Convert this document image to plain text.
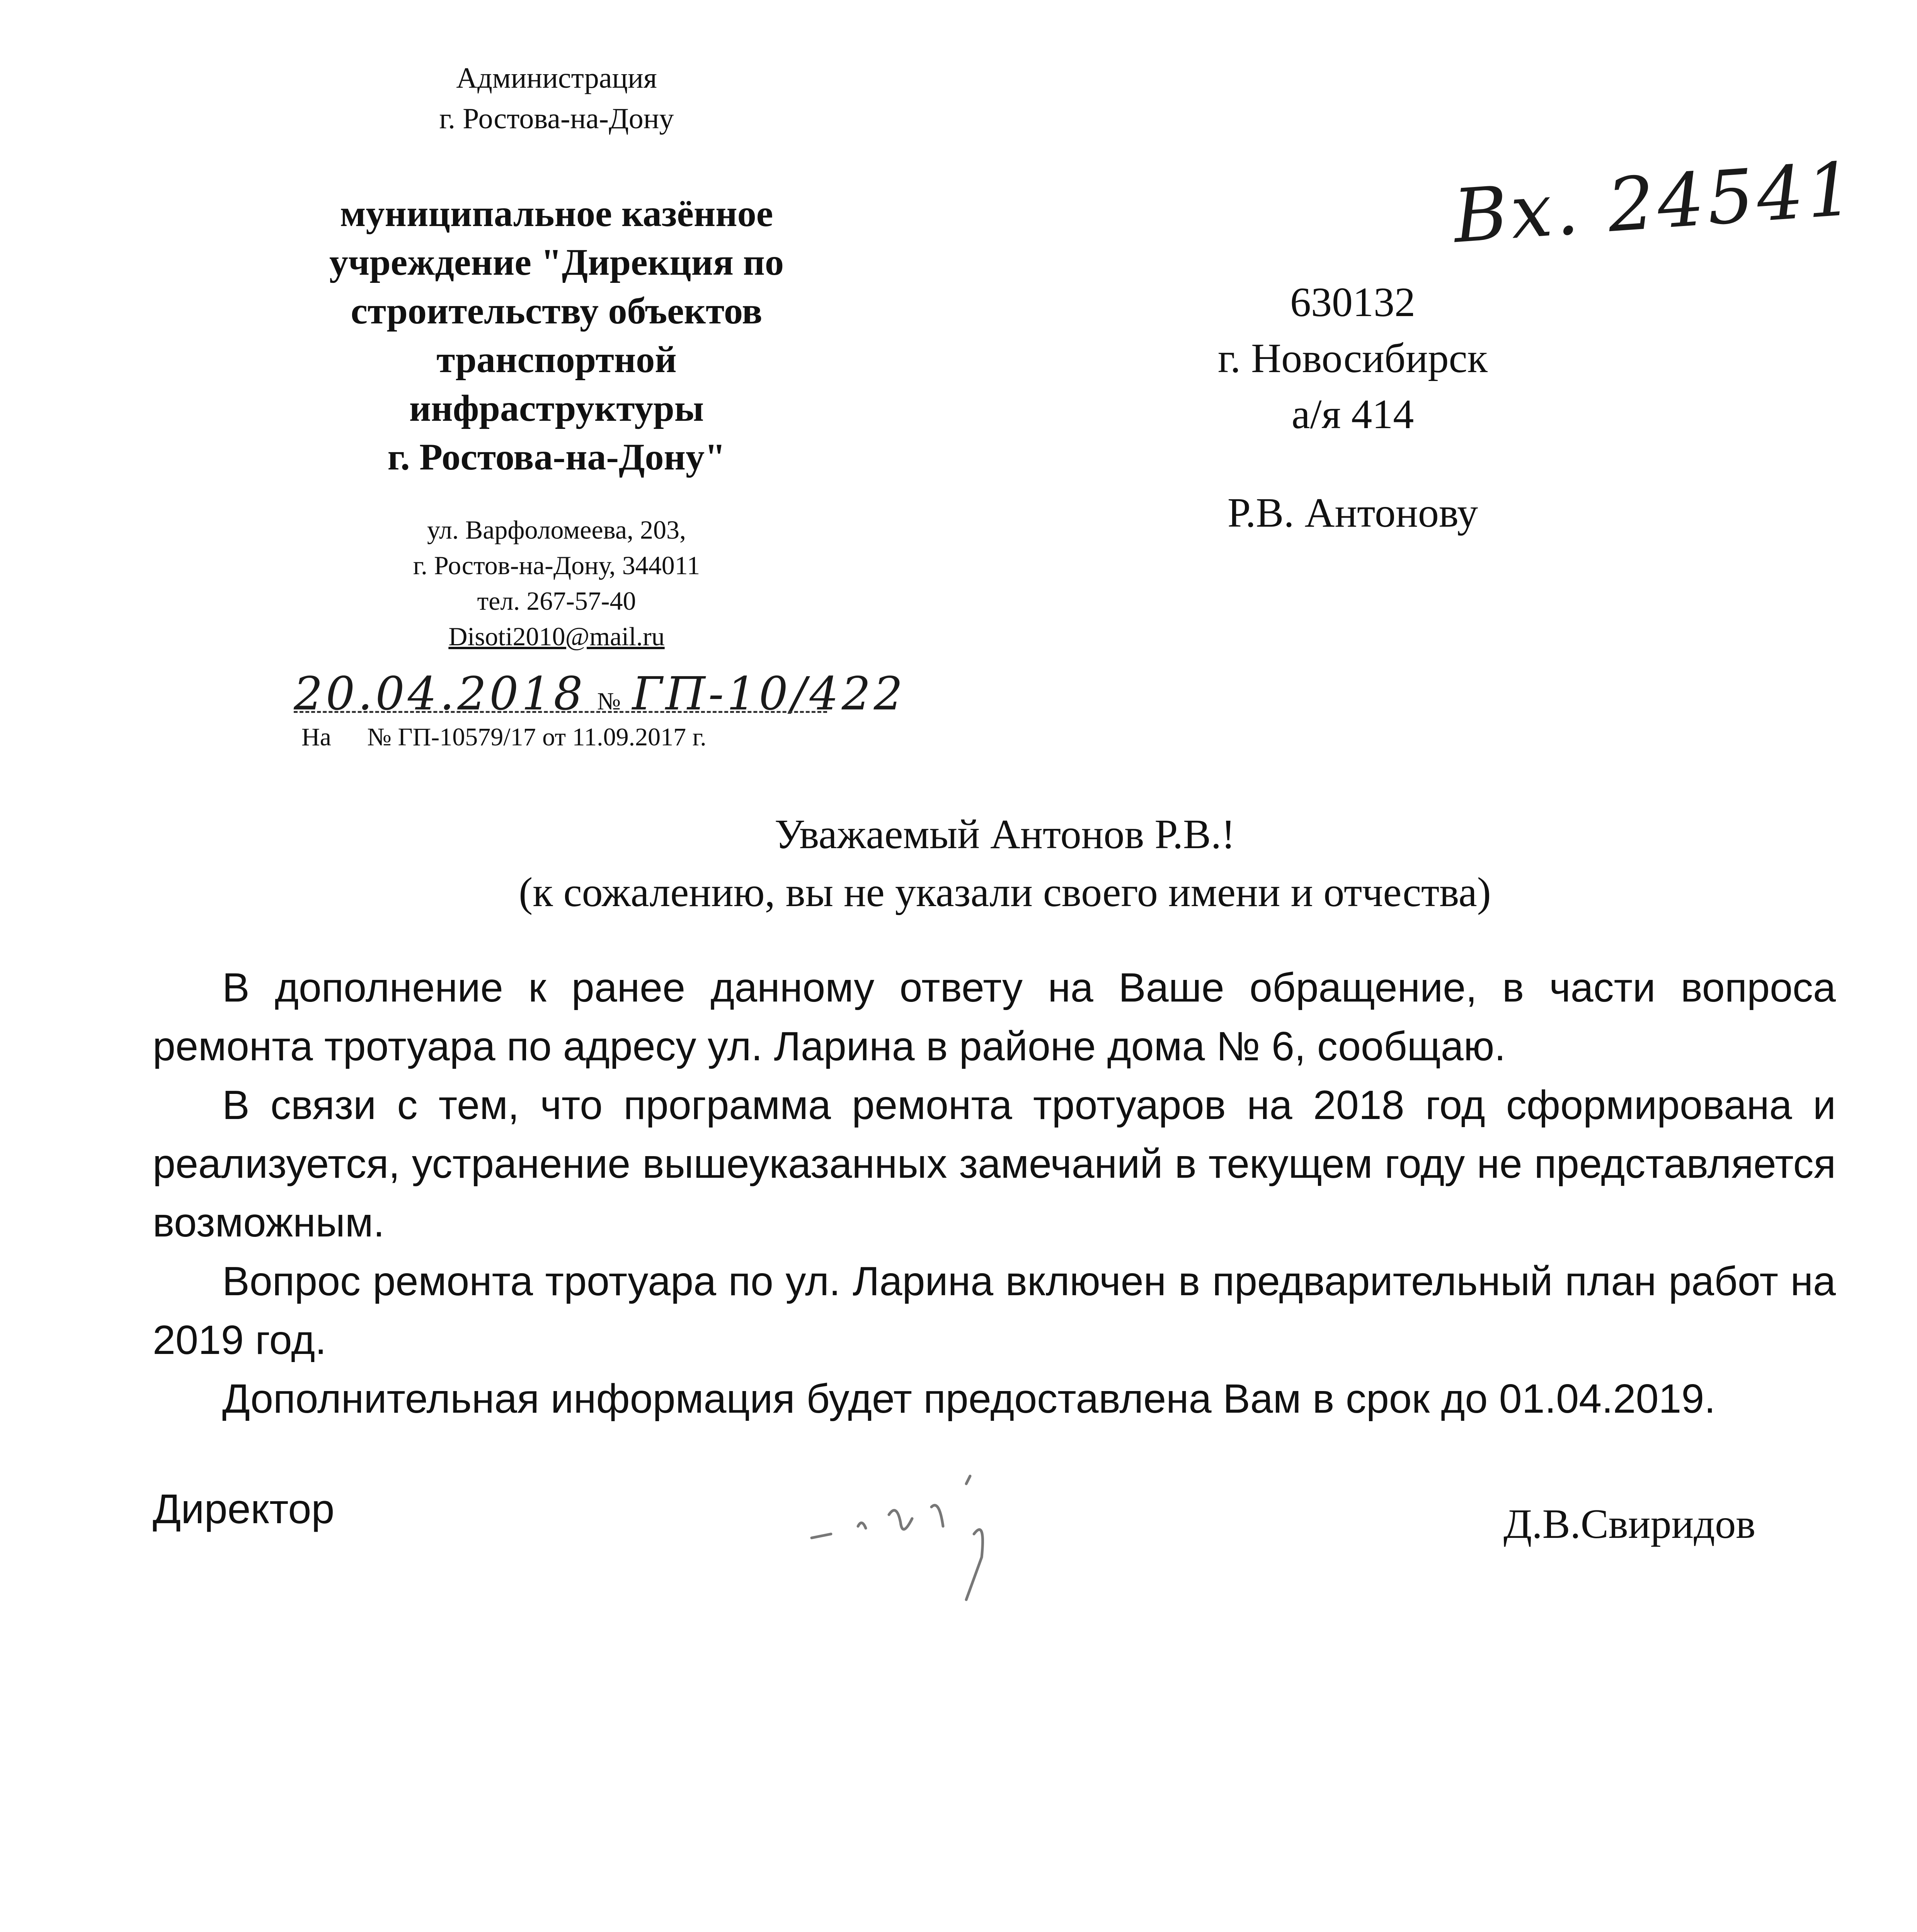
Администрация
г. Ростова-на-Дону
муниципальное казённое
учреждение "Дирекция по
строительству объектов
транспортной
инфраструктуры
г. Ростова-на-Дону"
ул. Варфоломеева, 203,
г. Ростов-на-Дону, 344011
тел. 267-57-40
Disoti2010@mail.ru
20.04.2018 № ГП-10/422
На № ГП-10579/17 от 11.09.2017 г.
Вх. 24541
630132
г. Новосибирск
а/я 414
Р.В. Антонову
Уважаемый Антонов Р.В.!
(к сожалению, вы не указали своего имени и отчества)

В дополнение к ранее данному ответу на Ваше обращение, в части вопроса ремонта тротуара по адресу ул. Ларина в районе дома № 6, сообщаю.

В связи с тем, что программа ремонта тротуаров на 2018 год сформирована и реализуется, устранение вышеуказанных замечаний в текущем году не представляется возможным.

Вопрос ремонта тротуара по ул. Ларина включен в предварительный план работ на 2019 год.

Дополнительная информация будет предоставлена Вам в срок до 01.04.2019.

Директор	Д.В.Свиридов
